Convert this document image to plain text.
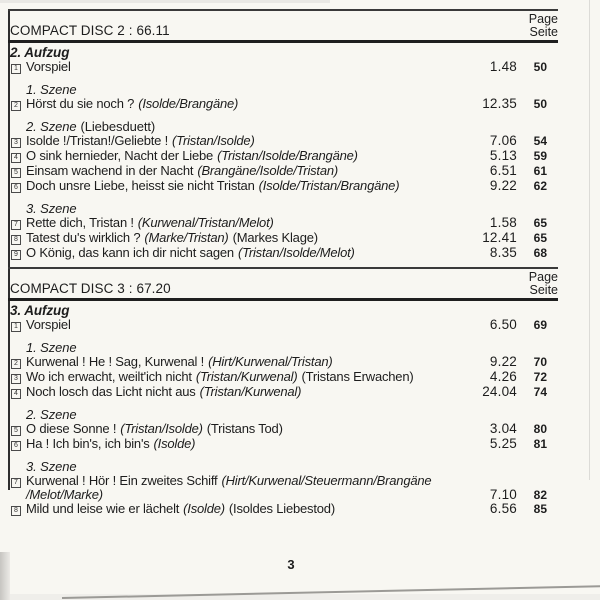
COMPACT DISC 2 : 66.11
Page
Seite
2. Aufzug
1 Vorspiel	1.48	50
1. Szene
2 Hörst du sie noch ? (Isolde/Brangäne)	12.35	50
2. Szene (Liebesduett)
3 Isolde !/Tristan!/Geliebte ! (Tristan/Isolde)	7.06	54
4 O sink hernieder, Nacht der Liebe (Tristan/Isolde/Brangäne)	5.13	59
5 Einsam wachend in der Nacht (Brangäne/Isolde/Tristan)	6.51	61
6 Doch unsre Liebe, heisst sie nicht Tristan (Isolde/Tristan/Brangäne)	9.22	62
3. Szene
7 Rette dich, Tristan ! (Kurwenal/Tristan/Melot)	1.58	65
8 Tatest du's wirklich ? (Marke/Tristan) (Markes Klage)	12.41	65
9 O König, das kann ich dir nicht sagen (Tristan/Isolde/Melot)	8.35	68
COMPACT DISC 3 : 67.20
Page
Seite
3. Aufzug
1 Vorspiel	6.50	69
1. Szene
2 Kurwenal ! He ! Sag, Kurwenal ! (Hirt/Kurwenal/Tristan)	9.22	70
3 Wo ich erwacht, weilt'ich nicht (Tristan/Kurwenal) (Tristans Erwachen)	4.26	72
4 Noch losch das Licht nicht aus (Tristan/Kurwenal)	24.04	74
2. Szene
5 O diese Sonne ! (Tristan/Isolde) (Tristans Tod)	3.04	80
6 Ha ! Ich bin's, ich bin's (Isolde)	5.25	81
3. Szene
7 Kurwenal ! Hör ! Ein zweites Schiff (Hirt/Kurwenal/Steuermann/Brangäne
/Melot/Marke)	7.10	82
8 Mild und leise wie er lächelt (Isolde) (Isoldes Liebestod)	6.56	85
3
